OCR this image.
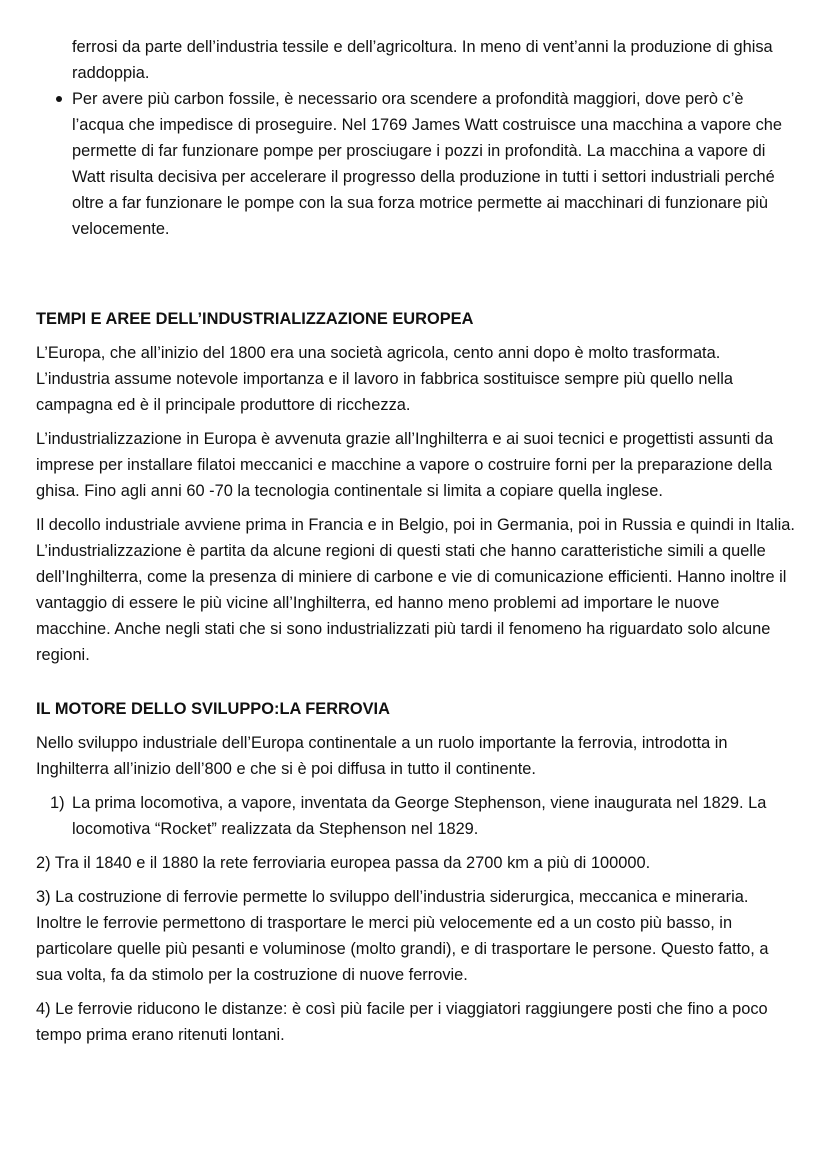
ferrosi da parte dell’industria tessile e dell’agricoltura. In meno di vent’anni la produzione di ghisa raddoppia.

Per avere più carbon fossile, è necessario ora scendere a profondità maggiori, dove però c’è l’acqua che impedisce di proseguire. Nel 1769 James Watt costruisce una macchina a vapore che permette di far funzionare pompe per prosciugare i pozzi in profondità. La macchina a vapore di Watt risulta decisiva per accelerare il progresso della produzione in tutti i settori industriali perché oltre a far funzionare le pompe con la sua forza motrice permette ai macchinari di funzionare più velocemente.

TEMPI E AREE DELL’INDUSTRIALIZZAZIONE EUROPEA

L’Europa, che all’inizio del 1800 era una società agricola, cento anni dopo è molto trasformata. L’industria assume notevole importanza e il lavoro in fabbrica sostituisce sempre più quello nella campagna ed è il principale produttore di ricchezza.

L’industrializzazione in Europa è avvenuta grazie all’Inghilterra e ai suoi tecnici e progettisti assunti da imprese per installare filatoi meccanici e macchine a vapore o costruire forni per la preparazione della ghisa. Fino agli anni 60 -70 la tecnologia continentale si limita a copiare quella inglese.

Il decollo industriale avviene prima in Francia e in Belgio, poi in Germania, poi in Russia e quindi in Italia. L’industrializzazione è partita da alcune regioni di questi stati che hanno caratteristiche simili a quelle dell’Inghilterra, come la presenza di miniere di carbone e vie di comunicazione efficienti. Hanno inoltre il vantaggio di essere le più vicine all’Inghilterra, ed hanno meno problemi ad importare le nuove macchine. Anche negli stati che si sono industrializzati più tardi il fenomeno ha riguardato solo alcune regioni.

IL MOTORE DELLO SVILUPPO:LA FERROVIA

Nello sviluppo industriale dell’Europa continentale a un ruolo importante la ferrovia, introdotta in Inghilterra all’inizio dell’800 e che si è poi diffusa in tutto il continente.

1) La prima locomotiva, a vapore, inventata da George Stephenson, viene inaugurata nel 1829. La locomotiva “Rocket” realizzata da Stephenson nel 1829.

2) Tra il 1840 e il 1880 la rete ferroviaria europea passa da 2700 km a più di 100000.

3) La costruzione di ferrovie permette lo sviluppo dell’industria siderurgica, meccanica e mineraria. Inoltre le ferrovie permettono di trasportare le merci più velocemente ed a un costo più basso, in particolare quelle più pesanti e voluminose (molto grandi), e di trasportare le persone. Questo fatto, a sua volta, fa da stimolo per la costruzione di nuove ferrovie.

4) Le ferrovie riducono le distanze: è così più facile per i viaggiatori raggiungere posti che fino a poco tempo prima erano ritenuti lontani.
